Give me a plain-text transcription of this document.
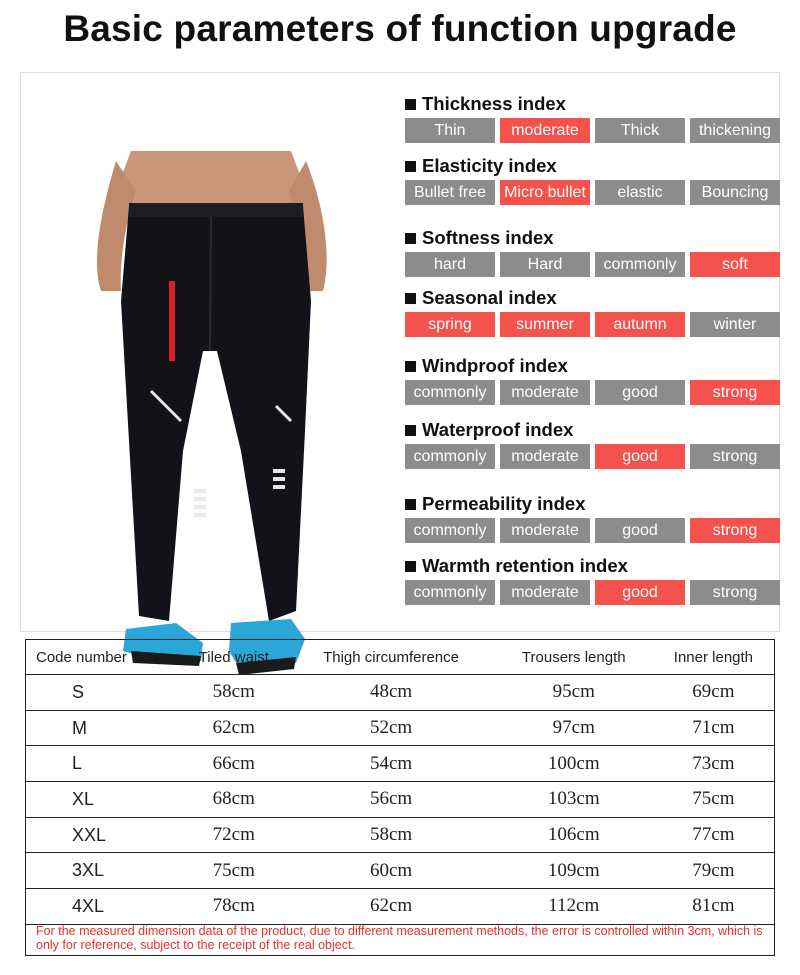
Basic parameters of function upgrade
Thickness index
Thin	moderate	Thick	thickening
Elasticity index
Bullet free	Micro bullet	elastic	Bouncing
Softness index
hard	Hard	commonly	soft
Seasonal index
spring	summer	autumn	winter
Windproof index
commonly	moderate	good	strong
Waterproof index
commonly	moderate	good	strong
Permeability index
commonly	moderate	good	strong
Warmth retention index
commonly	moderate	good	strong
Code number	Tiled waist	Thigh circumference	Trousers length	Inner length
S	58cm	48cm	95cm	69cm
M	62cm	52cm	97cm	71cm
L	66cm	54cm	100cm	73cm
XL	68cm	56cm	103cm	75cm
XXL	72cm	58cm	106cm	77cm
3XL	75cm	60cm	109cm	79cm
4XL	78cm	62cm	112cm	81cm
For the measured dimension data of the product, due to different measurement methods, the error is controlled within 3cm, which is only for reference, subject to the receipt of the real object.
